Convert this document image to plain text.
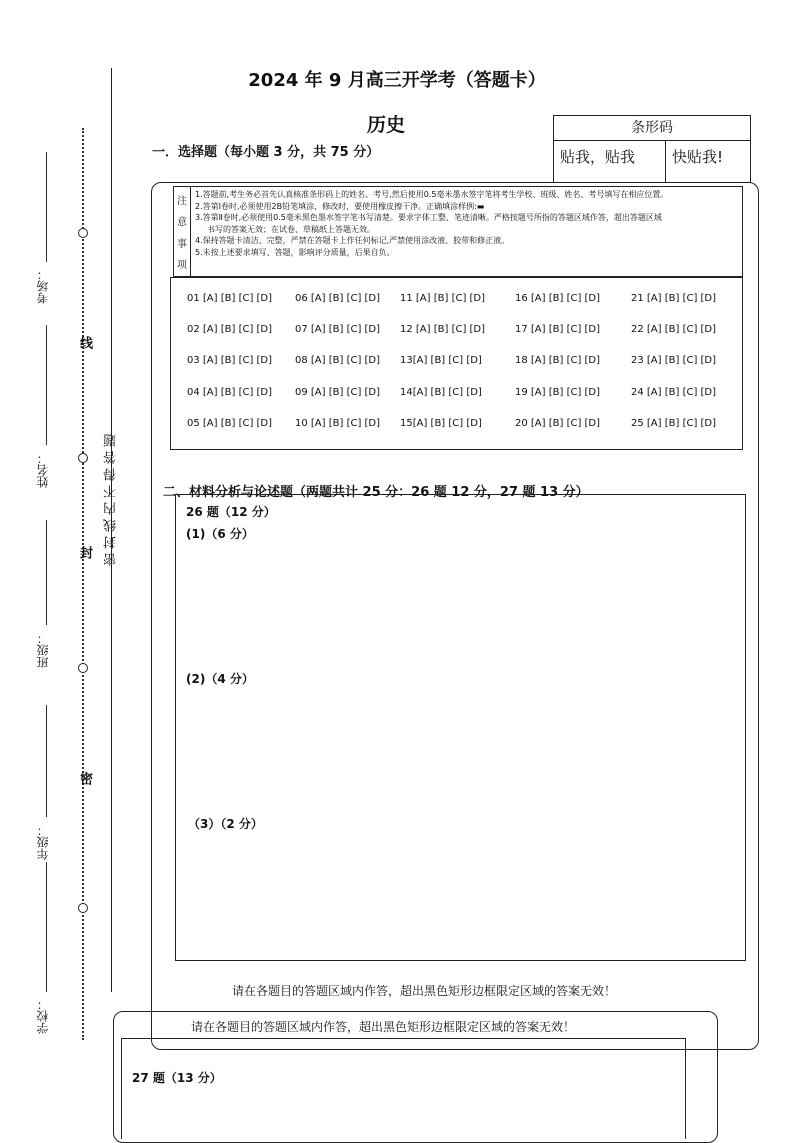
线
封
密
密封线内不得答题
考场：
姓名：
班级：
年级：
学校：
2024 年 9 月高三开学考（答题卡）
历史
一．选择题（每小题 3 分，共 75 分）
条形码
贴我，贴我	快贴我!
注
意
事
项
1.答题前,考生务必首先认真核准条形码上的姓名、考号,然后使用0.5毫米墨水签字笔将考生学校、班级、姓名、考号填写在相应位置。
2.答第Ⅰ卷时,必须使用2B铅笔填涂，修改时，要使用橡皮擦干净。正确填涂样例:▬
3.答第Ⅱ卷时,必须使用0.5毫米黑色墨水签字笔书写清楚。要求字体工整、笔迹清晰。严格按题号所指的答题区域作答，超出答题区域
书写的答案无效；在试卷、草稿纸上答题无效。
4.保持答题卡清洁、完整，严禁在答题卡上作任何标记,严禁使用涂改液、胶带和修正液。
5.未按上述要求填写、答题，影响评分质量，后果自负。
01 [A] [B] [C] [D]
02 [A] [B] [C] [D]
03 [A] [B] [C] [D]
04 [A] [B] [C] [D]
05 [A] [B] [C] [D]
06 [A] [B] [C] [D]
07 [A] [B] [C] [D]
08 [A] [B] [C] [D]
09 [A] [B] [C] [D]
10 [A] [B] [C] [D]
11 [A] [B] [C] [D]
12 [A] [B] [C] [D]
13[A] [B] [C] [D]
14[A] [B] [C] [D]
15[A] [B] [C] [D]
16 [A] [B] [C] [D]
17 [A] [B] [C] [D]
18 [A] [B] [C] [D]
19 [A] [B] [C] [D]
20 [A] [B] [C] [D]
21 [A] [B] [C] [D]
22 [A] [B] [C] [D]
23 [A] [B] [C] [D]
24 [A] [B] [C] [D]
25 [A] [B] [C] [D]
二、材料分析与论述题（两题共计 25 分：26 题 12 分，27 题 13 分）
26 题（12 分）
(1)（6 分）
(2)（4 分）
（3）（2 分）
请在各题目的答题区域内作答，超出黑色矩形边框限定区域的答案无效！
请在各题目的答题区域内作答，超出黑色矩形边框限定区域的答案无效！
27 题（13 分）
